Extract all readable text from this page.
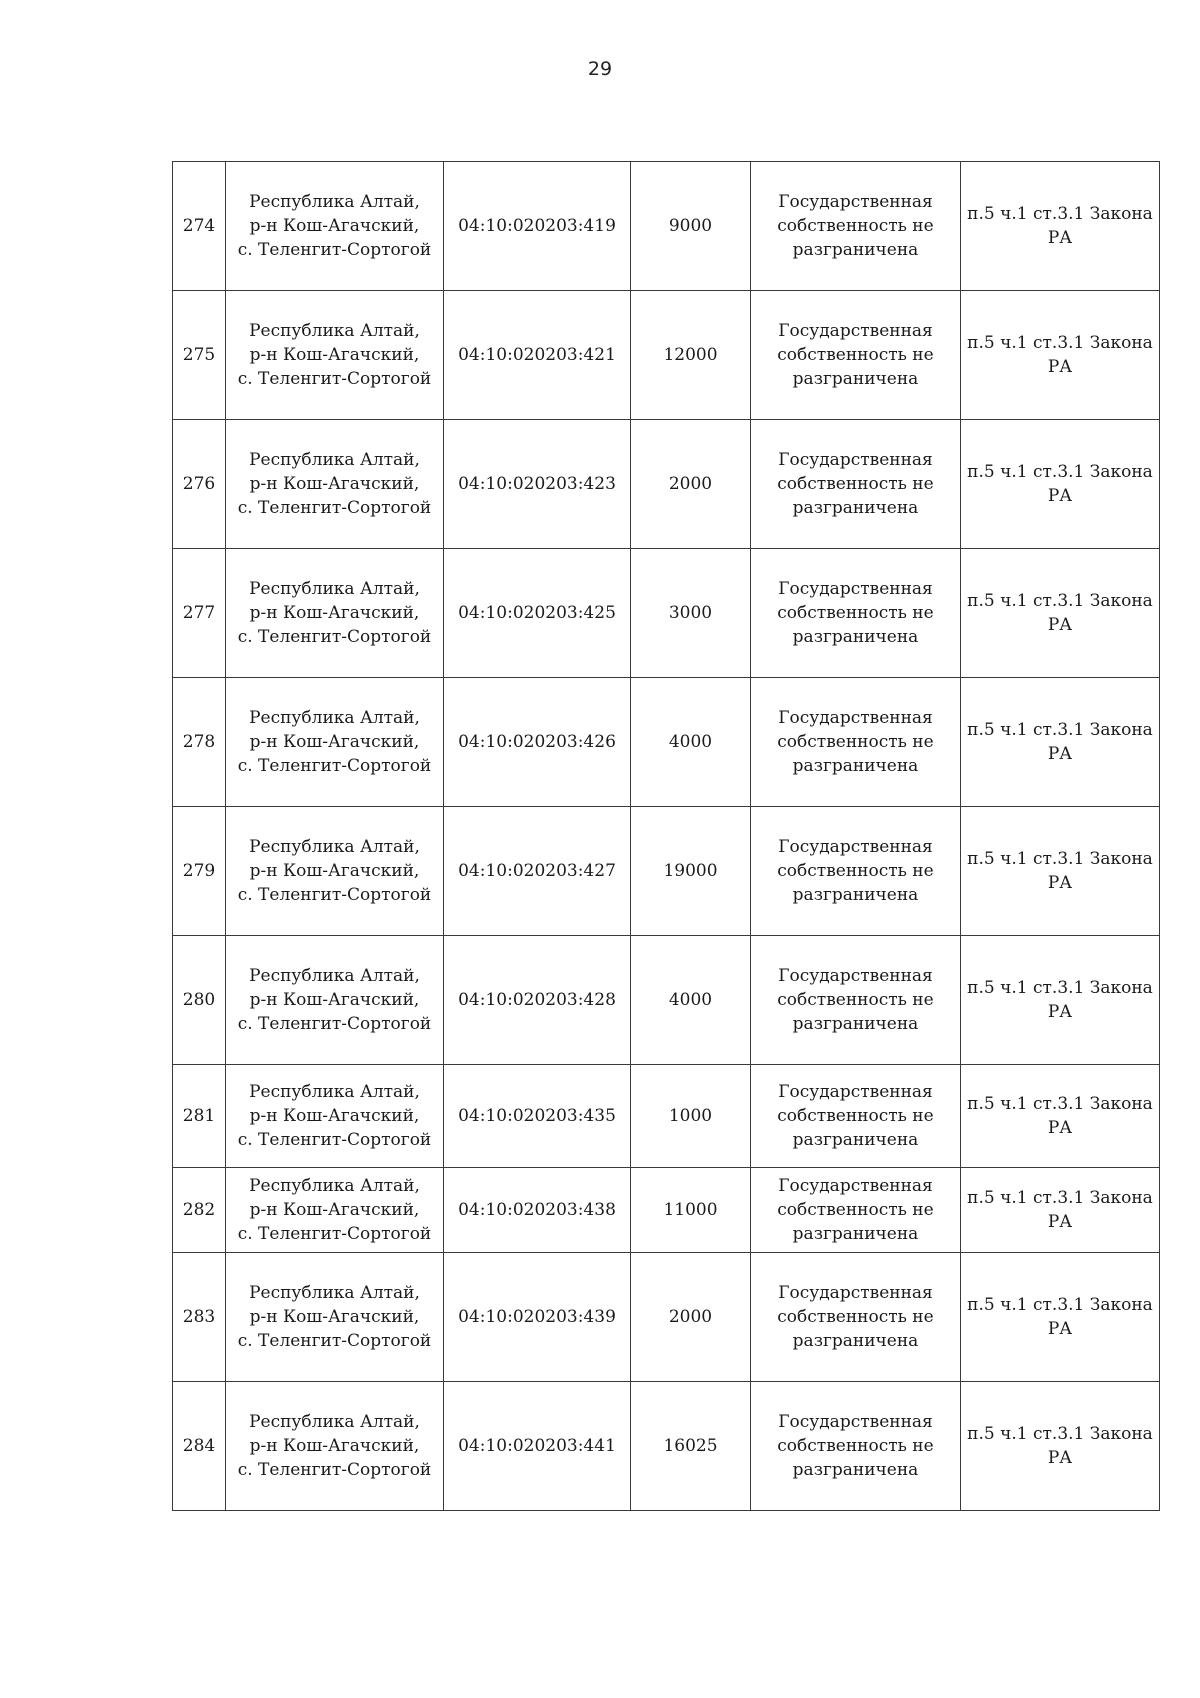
29
274	Республика Алтай,
р-н Кош-Агачский,
с. Теленгит-Сортогой	04:10:020203:419	9000	Государственная
собственность не
разграничена	п.5 ч.1 ст.3.1 Закона
РА

275	Республика Алтай,
р-н Кош-Агачский,
с. Теленгит-Сортогой	04:10:020203:421	12000	Государственная
собственность не
разграничена	п.5 ч.1 ст.3.1 Закона
РА

276	Республика Алтай,
р-н Кош-Агачский,
с. Теленгит-Сортогой	04:10:020203:423	2000	Государственная
собственность не
разграничена	п.5 ч.1 ст.3.1 Закона
РА

277	Республика Алтай,
р-н Кош-Агачский,
с. Теленгит-Сортогой	04:10:020203:425	3000	Государственная
собственность не
разграничена	п.5 ч.1 ст.3.1 Закона
РА

278	Республика Алтай,
р-н Кош-Агачский,
с. Теленгит-Сортогой	04:10:020203:426	4000	Государственная
собственность не
разграничена	п.5 ч.1 ст.3.1 Закона
РА

279	Республика Алтай,
р-н Кош-Агачский,
с. Теленгит-Сортогой	04:10:020203:427	19000	Государственная
собственность не
разграничена	п.5 ч.1 ст.3.1 Закона
РА

280	Республика Алтай,
р-н Кош-Агачский,
с. Теленгит-Сортогой	04:10:020203:428	4000	Государственная
собственность не
разграничена	п.5 ч.1 ст.3.1 Закона
РА

281	Республика Алтай,
р-н Кош-Агачский,
с. Теленгит-Сортогой	04:10:020203:435	1000	Государственная
собственность не
разграничена	п.5 ч.1 ст.3.1 Закона
РА

282	Республика Алтай,
р-н Кош-Агачский,
с. Теленгит-Сортогой	04:10:020203:438	11000	Государственная
собственность не
разграничена	п.5 ч.1 ст.3.1 Закона
РА

283	Республика Алтай,
р-н Кош-Агачский,
с. Теленгит-Сортогой	04:10:020203:439	2000	Государственная
собственность не
разграничена	п.5 ч.1 ст.3.1 Закона
РА

284	Республика Алтай,
р-н Кош-Агачский,
с. Теленгит-Сортогой	04:10:020203:441	16025	Государственная
собственность не
разграничена	п.5 ч.1 ст.3.1 Закона
РА
